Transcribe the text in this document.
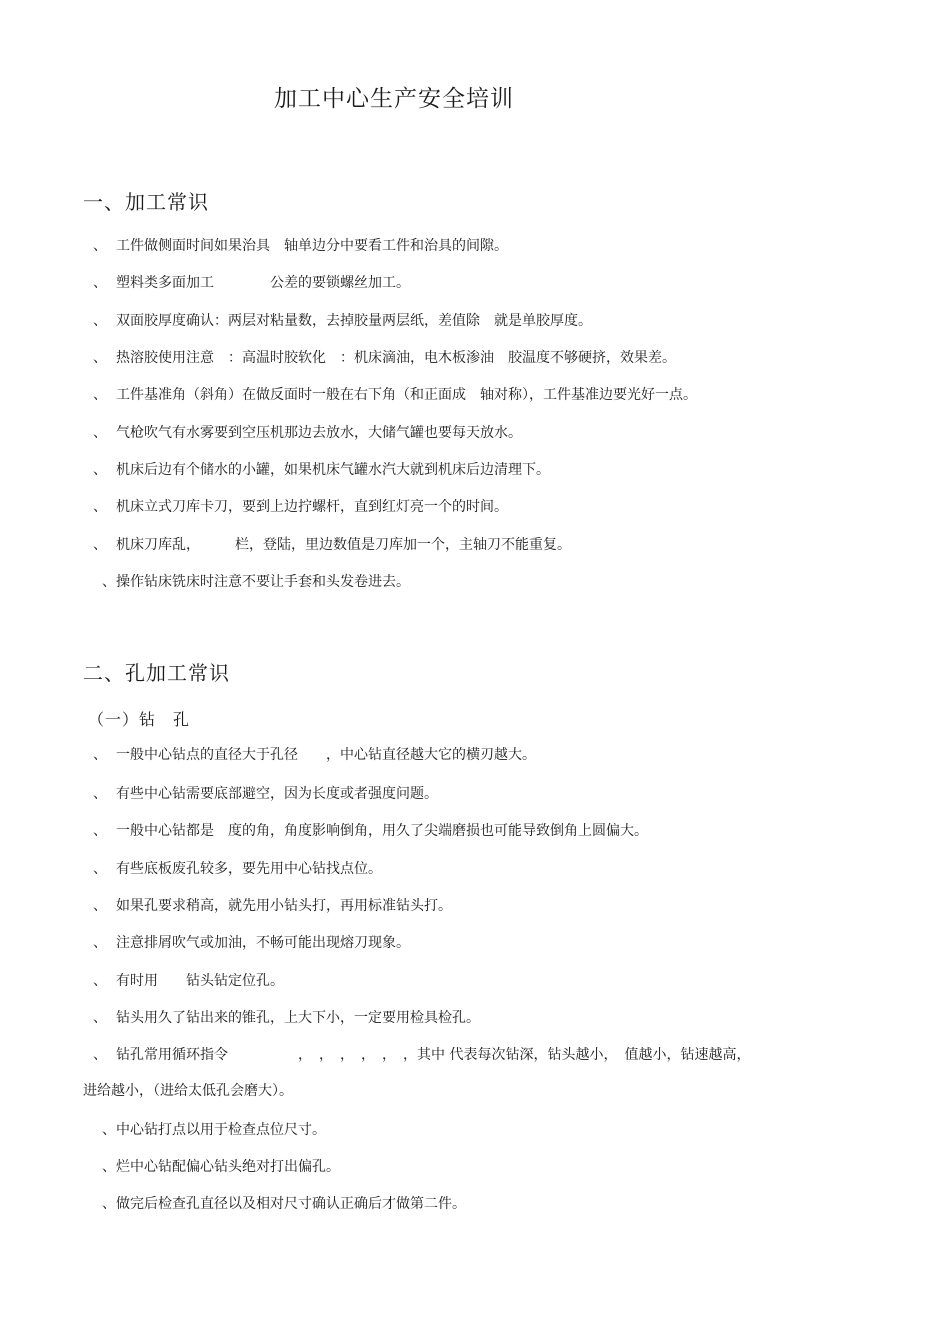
加工中心生产安全培训
一、加工常识
、 工件做侧面时间如果治具　轴单边分中要看工件和治具的间隙。
、 塑料类多面加工　　　　公差的要锁螺丝加工。
、 双面胶厚度确认：两层对粘量数，去掉胶量两层纸，差值除　就是单胶厚度。
、 热溶胶使用注意　：高温时胶软化　：机床滴油，电木板渗油　胶温度不够硬挤，效果差。
、 工件基准角（斜角）在做反面时一般在右下角（和正面成　轴对称），工件基准边要光好一点。
、 气枪吹气有水雾要到空压机那边去放水，大储气罐也要每天放水。
、 机床后边有个储水的小罐，如果机床气罐水汽大就到机床后边清理下。
、 机床立式刀库卡刀，要到上边拧螺杆，直到红灯亮一个的时间。
、 机床刀库乱，　　　栏，登陆，里边数值是刀库加一个，主轴刀不能重复。
、操作钻床铣床时注意不要让手套和头发卷进去。
二、孔加工常识
（一）钻　孔
、 一般中心钻点的直径大于孔径　　，中心钻直径越大它的横刃越大。
、 有些中心钻需要底部避空，因为长度或者强度问题。
、 一般中心钻都是　度的角，角度影响倒角，用久了尖端磨损也可能导致倒角上圆偏大。
、 有些底板废孔较多，要先用中心钻找点位。
、 如果孔要求稍高，就先用小钻头打，再用标准钻头打。
、 注意排屑吹气或加油，不畅可能出现熔刀现象。
、 有时用　　钻头钻定位孔。
、 钻头用久了钻出来的锥孔，上大下小，一定要用检具检孔。
、 钻孔常用循环指令　　　　　，　，　，　，　，　，其中 代表每次钻深，钻头越小，　值越小，钻速越高，
进给越小，（进给太低孔会磨大）。
、中心钻打点以用于检查点位尺寸。
、烂中心钻配偏心钻头绝对打出偏孔。
、做完后检查孔直径以及相对尺寸确认正确后才做第二件。
